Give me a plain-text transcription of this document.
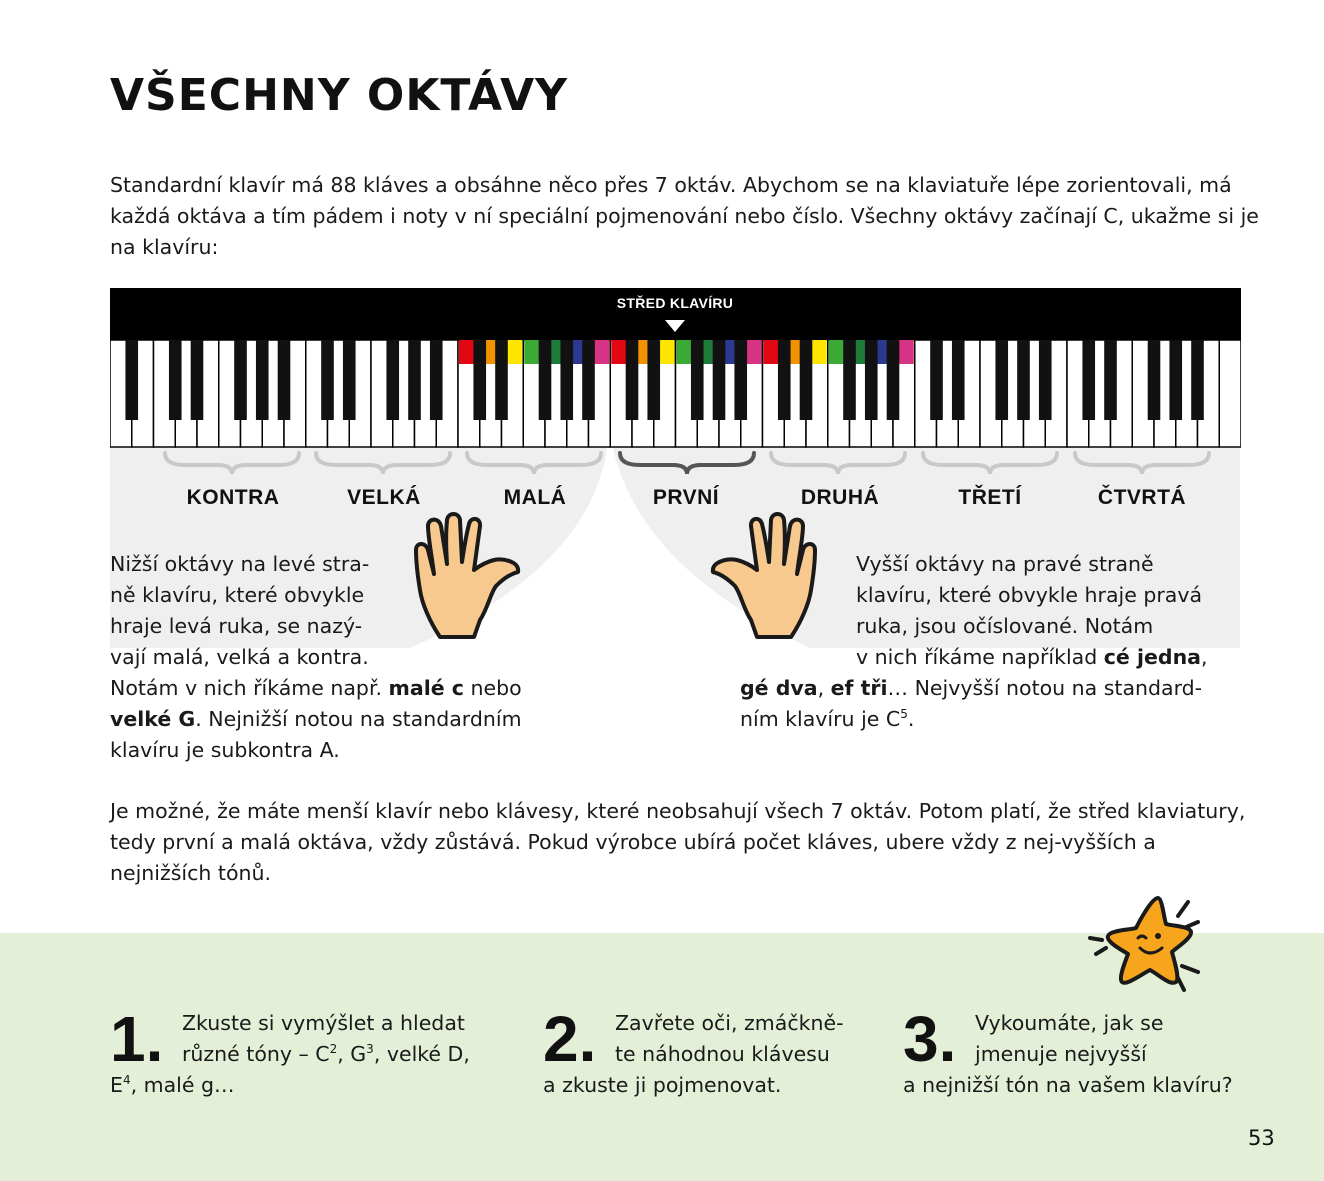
VŠECHNY OKTÁVY

Standardní klavír má 88 kláves a obsáhne něco přes 7 oktáv. Abychom se na klaviatuře lépe zorientovali, má každá oktáva a tím pádem i noty v ní speciální pojmenování nebo číslo. Všechny oktávy začínají C, ukažme si je na klavíru:

STŘED KLAVÍRU
KONTRA	VELKÁ	MALÁ	PRVNÍ	DRUHÁ	TŘETÍ	ČTVRTÁ
Nižší oktávy na levé stra-
ně klavíru, které obvykle
hraje levá ruka, se nazý-
vají malá, velká a kontra.
Notám v nich říkáme např. malé c nebo
velké G. Nejnižší notou na standardním
klavíru je subkontra A.
Vyšší oktávy na pravé straně
klavíru, které obvykle hraje pravá
ruka, jsou očíslované. Notám
v nich říkáme například cé jedna,
gé dva, ef tři… Nejvyšší notou na standard-
ním klavíru je $C^5$.

Je možné, že máte menší klavír nebo klávesy, které neobsahují všech 7 oktáv. Potom platí, že střed klaviatury, tedy první a malá oktáva, vždy zůstává. Pokud výrobce ubírá počet kláves, ubere vždy z nej-vyšších a nejnižších tónů.

1. Zkuste si vymýšlet a hledat
různé tóny – $C^2$, $G^3$, velké D,
$E^4$, malé g…
2. Zavřete oči, zmáčkně-
te náhodnou klávesu
a zkuste ji pojmenovat.
3. Vykoumáte, jak se
jmenuje nejvyšší
a nejnižší tón na vašem klavíru?
53
